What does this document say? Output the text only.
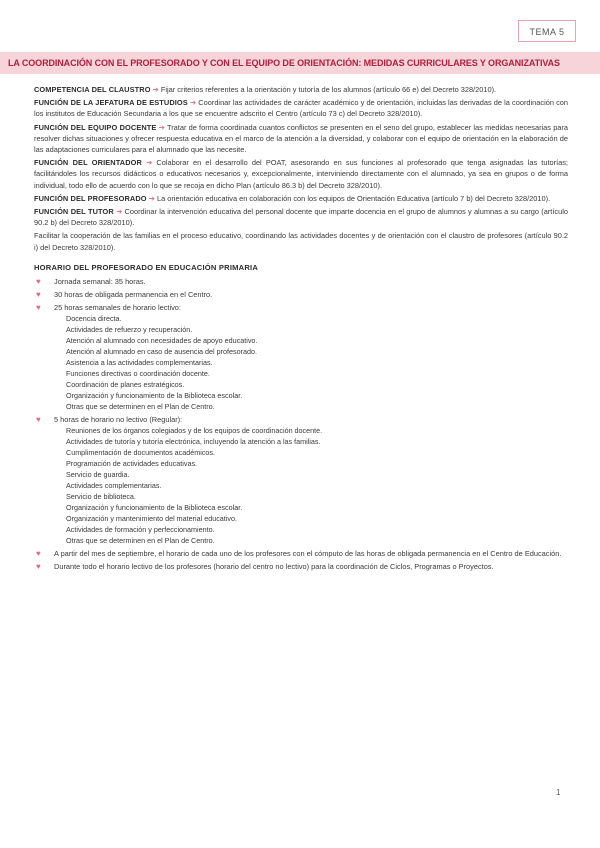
TEMA 5
LA COORDINACIÓN CON EL PROFESORADO Y CON EL EQUIPO DE ORIENTACIÓN: MEDIDAS CURRICULARES Y ORGANIZATIVAS

COMPETENCIA DEL CLAUSTRO ➔ Fijar criterios referentes a la orientación y tutoría de los alumnos (artículo 66 e) del Decreto 328/2010).

FUNCIÓN DE LA JEFATURA DE ESTUDIOS ➔ Coordinar las actividades de carácter académico y de orientación, incluidas las derivadas de la coordinación con los institutos de Educación Secundaria a los que se encuentre adscrito el Centro (artículo 73 c) del Decreto 328/2010).

FUNCIÓN DEL EQUIPO DOCENTE ➔ Tratar de forma coordinada cuantos conflictos se presenten en el seno del grupo, establecer las medidas necesarias para resolver dichas situaciones y ofrecer respuesta educativa en el marco de la atención a la diversidad, y colaborar con el equipo de orientación en la elaboración de las adaptaciones curriculares para el alumnado que las necesite.

FUNCIÓN DEL ORIENTADOR ➔ Colaborar en el desarrollo del POAT, asesorando en sus funciones al profesorado que tenga asignadas las tutorías; facilitándoles los recursos didácticos o educativos necesarios y, excepcionalmente, interviniendo directamente con el alumnado, ya sea en grupos o de forma individual, todo ello de acuerdo con lo que se recoja en dicho Plan (artículo 86.3 b) del Decreto 328/2010).

FUNCIÓN DEL PROFESORADO ➔ La orientación educativa en colaboración con los equipos de Orientación Educativa (artículo 7 b) del Decreto 328/2010).

FUNCIÓN DEL TUTOR ➔ Coordinar la intervención educativa del personal docente que imparte docencia en el grupo de alumnos y alumnas a su cargo (artículo 90.2 b) del Decreto 328/2010).

Facilitar la cooperación de las familias en el proceso educativo, coordinando las actividades docentes y de orientación con el claustro de profesores (artículo 90.2 i) del Decreto 328/2010).

HORARIO DEL PROFESORADO EN EDUCACIÓN PRIMARIA
♥ Jornada semanal: 35 horas.
♥ 30 horas de obligada permanencia en el Centro.
♥ 25 horas semanales de horario lectivo:
Docencia directa.
Actividades de refuerzo y recuperación.
Atención al alumnado con necesidades de apoyo educativo.
Atención al alumnado en caso de ausencia del profesorado.
Asistencia a las actividades complementarias.
Funciones directivas o coordinación docente.
Coordinación de planes estratégicos.
Organización y funcionamiento de la Biblioteca escolar.
Otras que se determinen en el Plan de Centro.
♥ 5 horas de horario no lectivo (Regular):
Reuniones de los órganos colegiados y de los equipos de coordinación docente.
Actividades de tutoría y tutoría electrónica, incluyendo la atención a las familias.
Cumplimentación de documentos académicos.
Programación de actividades educativas.
Servicio de guardia.
Actividades complementarias.
Servicio de biblioteca.
Organización y funcionamiento de la Biblioteca escolar.
Organización y mantenimiento del material educativo.
Actividades de formación y perfeccionamiento.
Otras que se determinen en el Plan de Centro.
♥ A partir del mes de septiembre, el horario de cada uno de los profesores con el cómputo de las horas de obligada permanencia en el Centro de Educación.
♥ Durante todo el horario lectivo de los profesores (horario del centro no lectivo) para la coordinación de Ciclos, Programas o Proyectos.
1
